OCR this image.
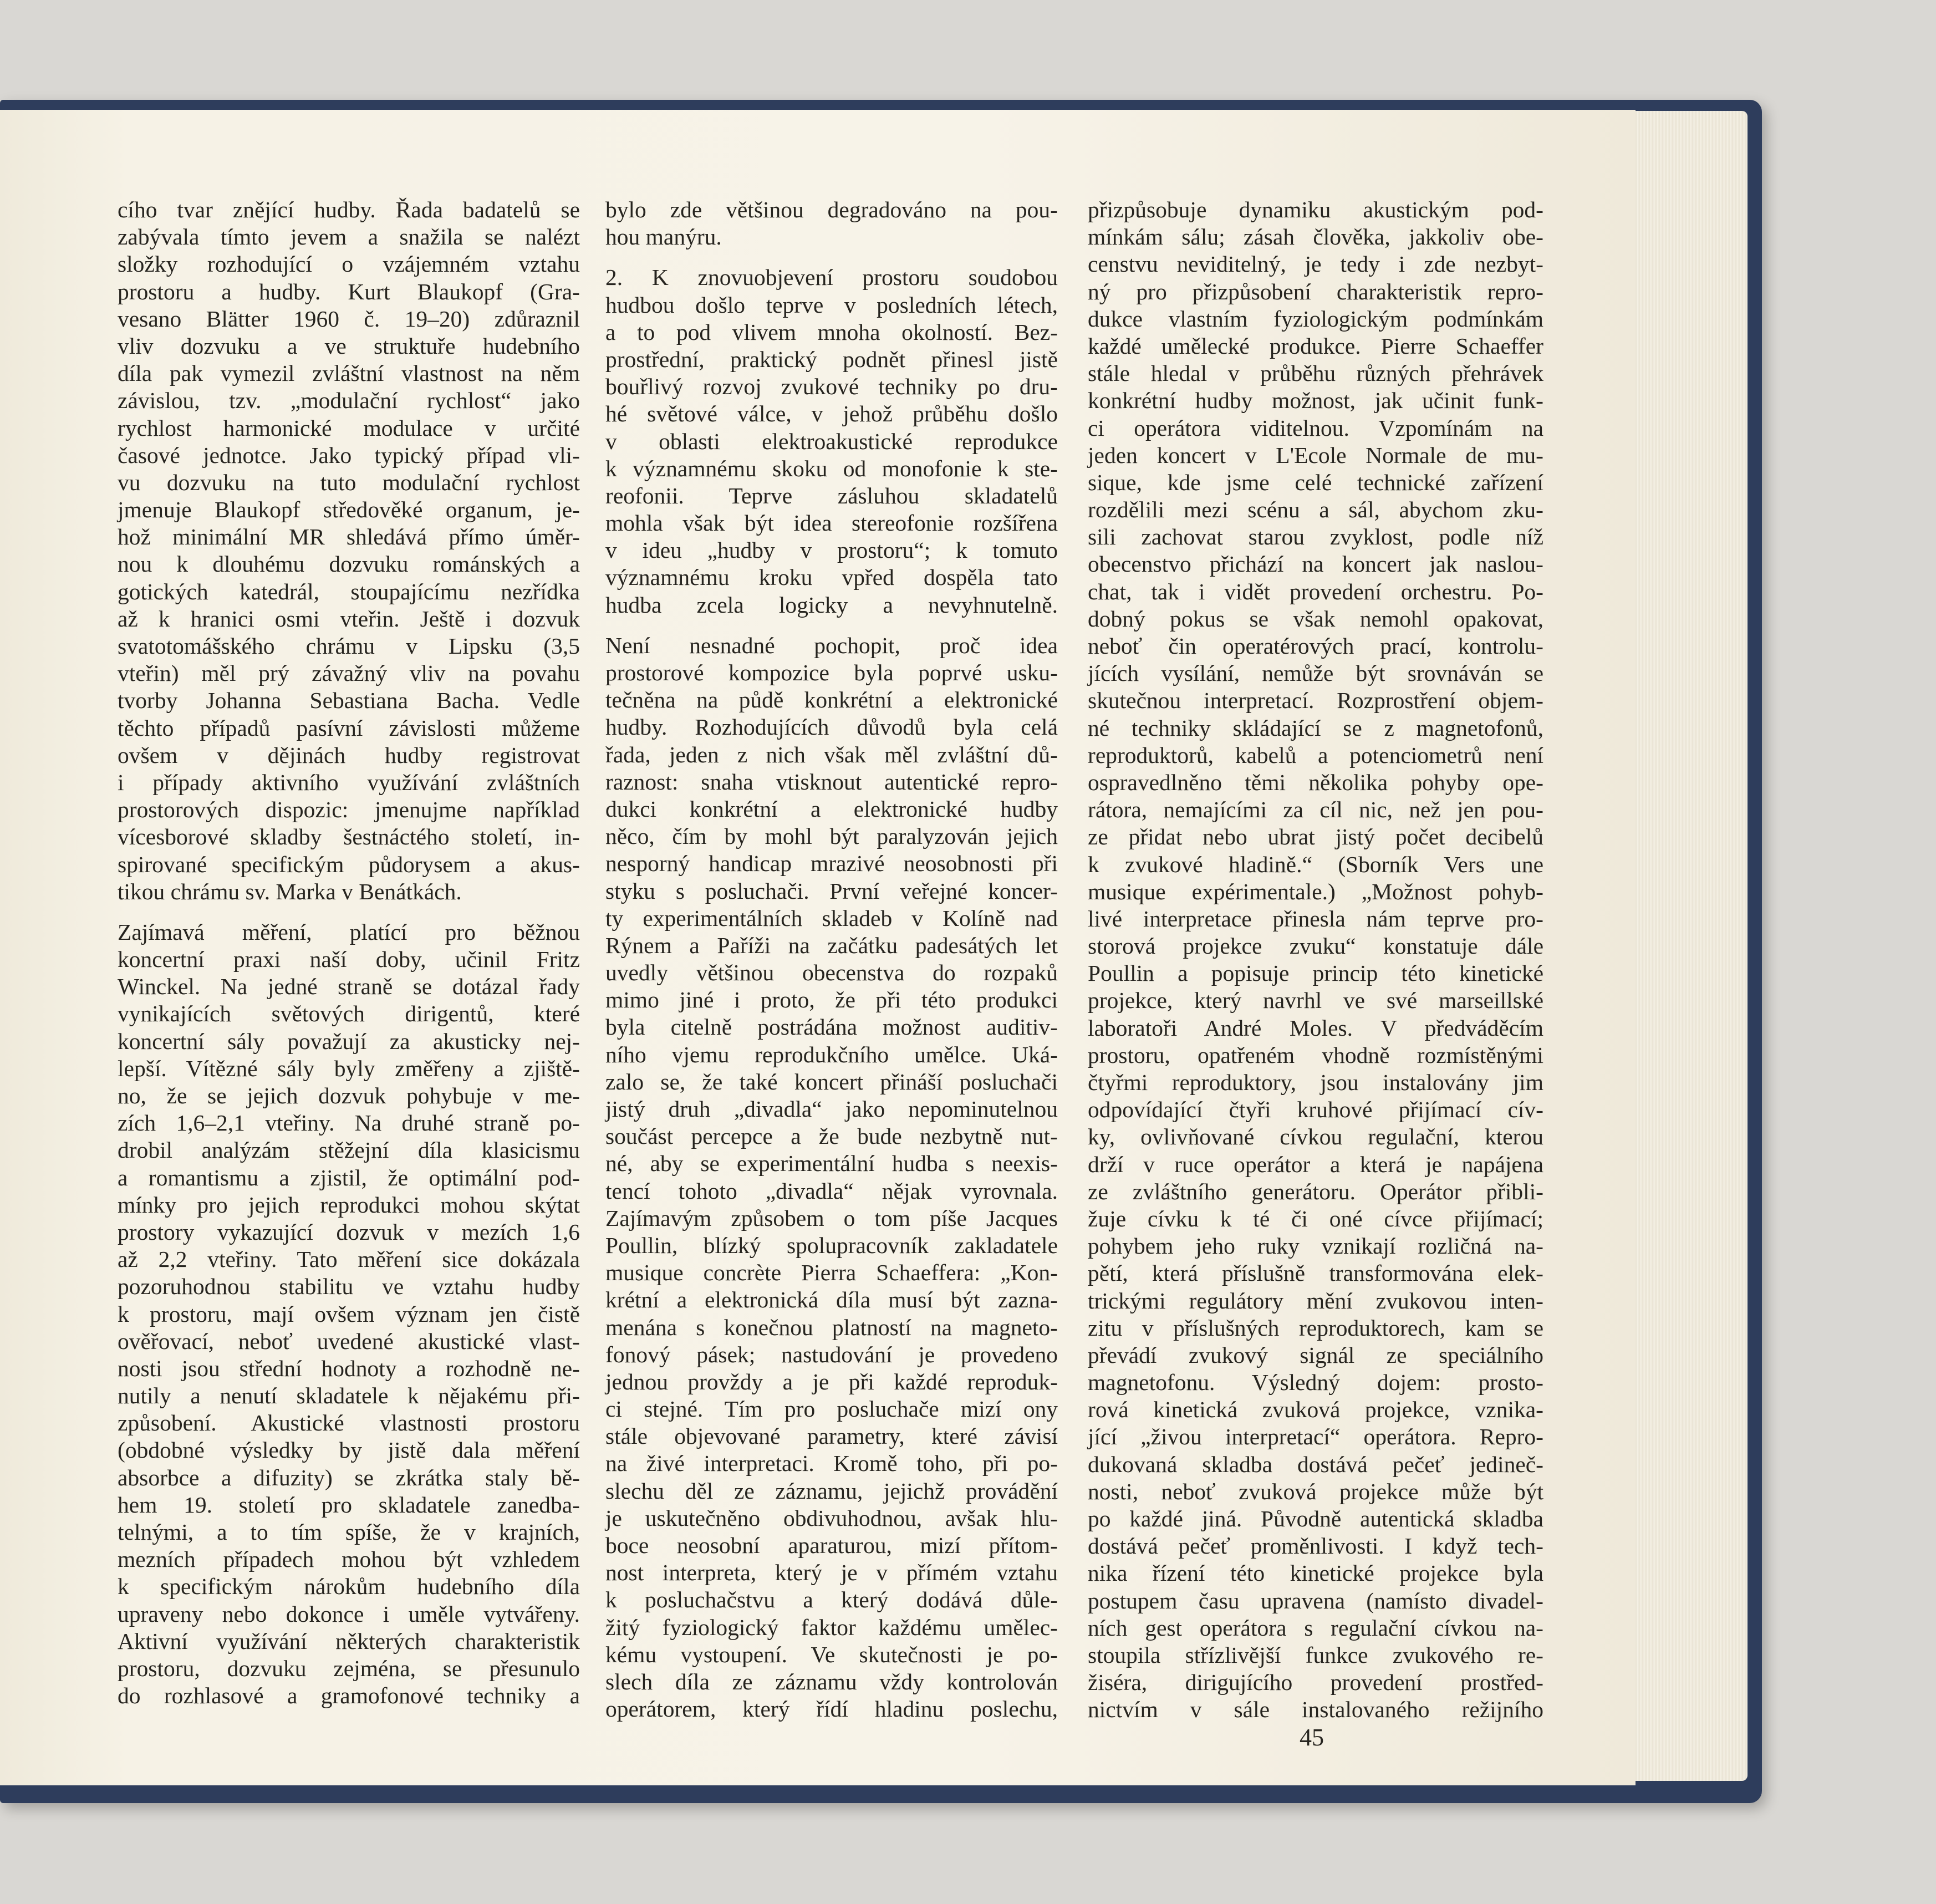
cího tvar znějící hudby. Řada badatelů se
zabývala tímto jevem a snažila se nalézt
složky rozhodující o vzájemném vztahu
prostoru a hudby. Kurt Blaukopf (Gra-
vesano Blätter 1960 č. 19–20) zdůraznil
vliv dozvuku a ve struktuře hudebního
díla pak vymezil zvláštní vlastnost na něm
závislou, tzv. „modulační rychlost“ jako
rychlost harmonické modulace v určité
časové jednotce. Jako typický případ vli-
vu dozvuku na tuto modulační rychlost
jmenuje Blaukopf středověké organum, je-
hož minimální MR shledává přímo úměr-
nou k dlouhému dozvuku románských a
gotických katedrál, stoupajícímu nezřídka
až k hranici osmi vteřin. Ještě i dozvuk
svatotomášského chrámu v Lipsku (3,5
vteřin) měl prý závažný vliv na povahu
tvorby Johanna Sebastiana Bacha. Vedle
těchto případů pasívní závislosti můžeme
ovšem v dějinách hudby registrovat
i případy aktivního využívání zvláštních
prostorových dispozic: jmenujme například
vícesborové skladby šestnáctého století, in-
spirované specifickým půdorysem a akus-
tikou chrámu sv. Marka v Benátkách.
Zajímavá měření, platící pro běžnou
koncertní praxi naší doby, učinil Fritz
Winckel. Na jedné straně se dotázal řady
vynikajících světových dirigentů, které
koncertní sály považují za akusticky nej-
lepší. Vítězné sály byly změřeny a zjiště-
no, že se jejich dozvuk pohybuje v me-
zích 1,6–2,1 vteřiny. Na druhé straně po-
drobil analýzám stěžejní díla klasicismu
a romantismu a zjistil, že optimální pod-
mínky pro jejich reprodukci mohou skýtat
prostory vykazující dozvuk v mezích 1,6
až 2,2 vteřiny. Tato měření sice dokázala
pozoruhodnou stabilitu ve vztahu hudby
k prostoru, mají ovšem význam jen čistě
ověřovací, neboť uvedené akustické vlast-
nosti jsou střední hodnoty a rozhodně ne-
nutily a nenutí skladatele k nějakému při-
způsobení. Akustické vlastnosti prostoru
(obdobné výsledky by jistě dala měření
absorbce a difuzity) se zkrátka staly bě-
hem 19. století pro skladatele zanedba-
telnými, a to tím spíše, že v krajních,
mezních případech mohou být vzhledem
k specifickým nárokům hudebního díla
upraveny nebo dokonce i uměle vytvářeny.
Aktivní využívání některých charakteristik
prostoru, dozvuku zejména, se přesunulo
do rozhlasové a gramofonové techniky a
bylo zde většinou degradováno na pou-
hou manýru.
2. K znovuobjevení prostoru soudobou
hudbou došlo teprve v posledních létech,
a to pod vlivem mnoha okolností. Bez-
prostřední, praktický podnět přinesl jistě
bouřlivý rozvoj zvukové techniky po dru-
hé světové válce, v jehož průběhu došlo
v oblasti elektroakustické reprodukce
k významnému skoku od monofonie k ste-
reofonii. Teprve zásluhou skladatelů
mohla však být idea stereofonie rozšířena
v ideu „hudby v prostoru“; k tomuto
významnému kroku vpřed dospěla tato
hudba zcela logicky a nevyhnutelně.
Není nesnadné pochopit, proč idea
prostorové kompozice byla poprvé usku-
tečněna na půdě konkrétní a elektronické
hudby. Rozhodujících důvodů byla celá
řada, jeden z nich však měl zvláštní dů-
raznost: snaha vtisknout autentické repro-
dukci konkrétní a elektronické hudby
něco, čím by mohl být paralyzován jejich
nesporný handicap mrazivé neosobnosti při
styku s posluchači. První veřejné koncer-
ty experimentálních skladeb v Kolíně nad
Rýnem a Paříži na začátku padesátých let
uvedly většinou obecenstva do rozpaků
mimo jiné i proto, že při této produkci
byla citelně postrádána možnost auditiv-
ního vjemu reprodukčního umělce. Uká-
zalo se, že také koncert přináší posluchači
jistý druh „divadla“ jako nepominutelnou
součást percepce a že bude nezbytně nut-
né, aby se experimentální hudba s neexis-
tencí tohoto „divadla“ nějak vyrovnala.
Zajímavým způsobem o tom píše Jacques
Poullin, blízký spolupracovník zakladatele
musique concrète Pierra Schaeffera: „Kon-
krétní a elektronická díla musí být zazna-
menána s konečnou platností na magneto-
fonový pásek; nastudování je provedeno
jednou provždy a je při každé reproduk-
ci stejné. Tím pro posluchače mizí ony
stále objevované parametry, které závisí
na živé interpretaci. Kromě toho, při po-
slechu děl ze záznamu, jejichž provádění
je uskutečněno obdivuhodnou, avšak hlu-
boce neosobní aparaturou, mizí přítom-
nost interpreta, který je v přímém vztahu
k posluchačstvu a který dodává důle-
žitý fyziologický faktor každému umělec-
kému vystoupení. Ve skutečnosti je po-
slech díla ze záznamu vždy kontrolován
operátorem, který řídí hladinu poslechu,
přizpůsobuje dynamiku akustickým pod-
mínkám sálu; zásah člověka, jakkoliv obe-
censtvu neviditelný, je tedy i zde nezbyt-
ný pro přizpůsobení charakteristik repro-
dukce vlastním fyziologickým podmínkám
každé umělecké produkce. Pierre Schaeffer
stále hledal v průběhu různých přehrávek
konkrétní hudby možnost, jak učinit funk-
ci operátora viditelnou. Vzpomínám na
jeden koncert v L'Ecole Normale de mu-
sique, kde jsme celé technické zařízení
rozdělili mezi scénu a sál, abychom zku-
sili zachovat starou zvyklost, podle níž
obecenstvo přichází na koncert jak naslou-
chat, tak i vidět provedení orchestru. Po-
dobný pokus se však nemohl opakovat,
neboť čin operatérových prací, kontrolu-
jících vysílání, nemůže být srovnáván se
skutečnou interpretací. Rozprostření objem-
né techniky skládající se z magnetofonů,
reproduktorů, kabelů a potenciometrů není
ospravedlněno těmi několika pohyby ope-
rátora, nemajícími za cíl nic, než jen pou-
ze přidat nebo ubrat jistý počet decibelů
k zvukové hladině.“ (Sborník Vers une
musique expérimentale.) „Možnost pohyb-
livé interpretace přinesla nám teprve pro-
storová projekce zvuku“ konstatuje dále
Poullin a popisuje princip této kinetické
projekce, který navrhl ve své marseillské
laboratoři André Moles. V předváděcím
prostoru, opatřeném vhodně rozmístěnými
čtyřmi reproduktory, jsou instalovány jim
odpovídající čtyři kruhové přijímací cív-
ky, ovlivňované cívkou regulační, kterou
drží v ruce operátor a která je napájena
ze zvláštního generátoru. Operátor přibli-
žuje cívku k té či oné cívce přijímací;
pohybem jeho ruky vznikají rozličná na-
pětí, která příslušně transformována elek-
trickými regulátory mění zvukovou inten-
zitu v příslušných reproduktorech, kam se
převádí zvukový signál ze speciálního
magnetofonu. Výsledný dojem: prosto-
rová kinetická zvuková projekce, vznika-
jící „živou interpretací“ operátora. Repro-
dukovaná skladba dostává pečeť jedineč-
nosti, neboť zvuková projekce může být
po každé jiná. Původně autentická skladba
dostává pečeť proměnlivosti. I když tech-
nika řízení této kinetické projekce byla
postupem času upravena (namísto divadel-
ních gest operátora s regulační cívkou na-
stoupila střízlivější funkce zvukového re-
žiséra, dirigujícího provedení prostřed-
nictvím v sále instalovaného režijního
45
